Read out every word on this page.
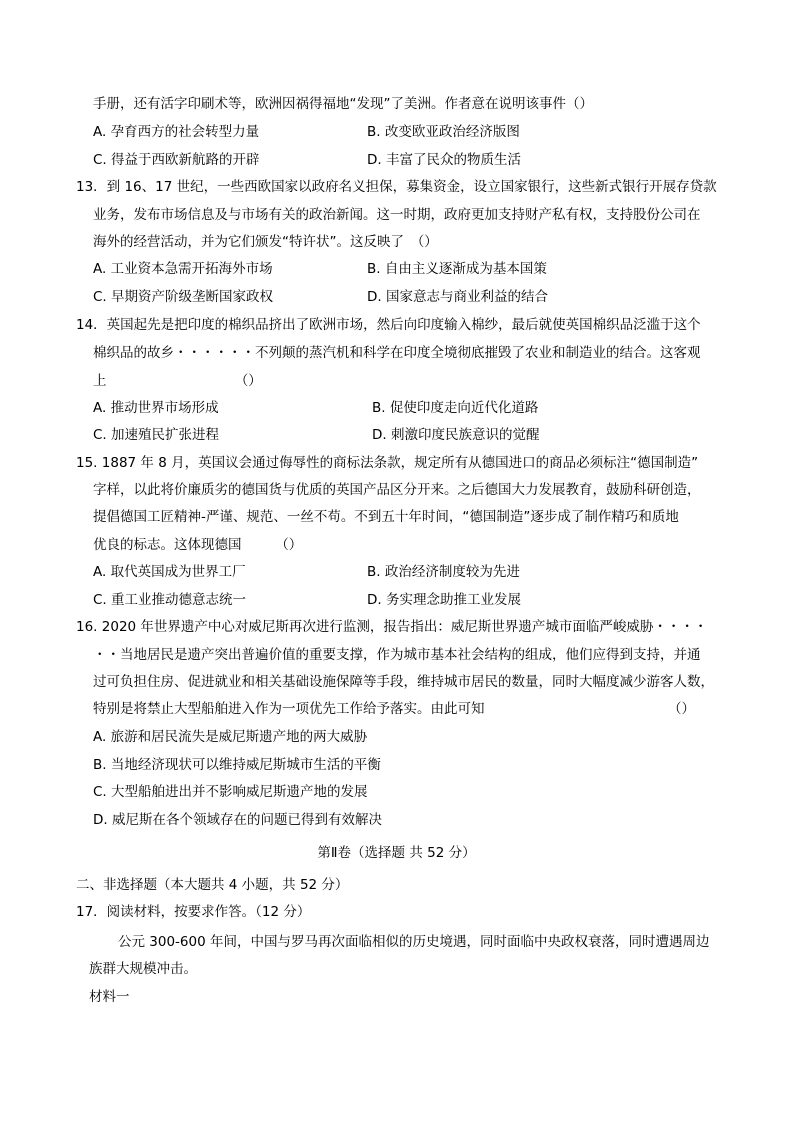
手册，还有活字印刷术等，欧洲因祸得福地“发现”了美洲。作者意在说明该事件（）
A. 孕育西方的社会转型力量	B. 改变欧亚政治经济版图
C. 得益于西欧新航路的开辟	D. 丰富了民众的物质生活
13．到 16、17 世纪，一些西欧国家以政府名义担保，募集资金，设立国家银行，这些新式银行开展存贷款
业务，发布市场信息及与市场有关的政治新闻。这一时期，政府更加支持财产私有权，支持股份公司在
海外的经营活动，并为它们颁发“特许状”。这反映了　（）
A. 工业资本急需开拓海外市场	B. 自由主义逐渐成为基本国策
C. 早期资产阶级垄断国家政权	D. 国家意志与商业利益的结合
14．英国起先是把印度的棉织品挤出了欧洲市场，然后向印度输入棉纱，最后就使英国棉织品泛滥于这个
棉织品的故乡・・・・・・不列颠的蒸汽机和科学在印度全境彻底摧毁了农业和制造业的结合。这客观
上　　　　　　　　　　（）
A. 推动世界市场形成	B. 促使印度走向近代化道路
C. 加速殖民扩张进程	D. 刺激印度民族意识的觉醒
15. 1887 年 8 月，英国议会通过侮辱性的商标法条款，规定所有从德国进口的商品必须标注“德国制造”
字样，以此将价廉质劣的德国货与优质的英国产品区分开来。之后德国大力发展教育，鼓励科研创造，
提倡德国工匠精神-严谨、规范、一丝不苟。不到五十年时间，“德国制造”逐步成了制作精巧和质地
优良的标志。这体现德国　　　（）
A. 取代英国成为世界工厂	B. 政治经济制度较为先进
C. 重工业推动德意志统一	D. 务实理念助推工业发展
16. 2020 年世界遗产中心对威尼斯再次进行监测，报告指出：威尼斯世界遗产城市面临严峻威胁・・・・
・・当地居民是遗产突出普遍价值的重要支撑，作为城市基本社会结构的组成，他们应得到支持，并通
过可负担住房、促进就业和相关基础设施保障等手段，维持城市居民的数量，同时大幅度减少游客人数，
特别是将禁止大型船舶进入作为一项优先工作给予落实。由此可知	（）
A. 旅游和居民流失是威尼斯遗产地的两大威胁
B. 当地经济现状可以维持威尼斯城市生活的平衡
C. 大型船舶进出并不影响威尼斯遗产地的发展
D. 威尼斯在各个领域存在的问题已得到有效解决
第Ⅱ卷（选择题 共 52 分）
二、非选择题（本大题共 4 小题，共 52 分）
17．阅读材料，按要求作答。（12 分）
公元 300-600 年间，中国与罗马再次面临相似的历史境遇，同时面临中央政权衰落，同时遭遇周边
族群大规模冲击。
材料一
